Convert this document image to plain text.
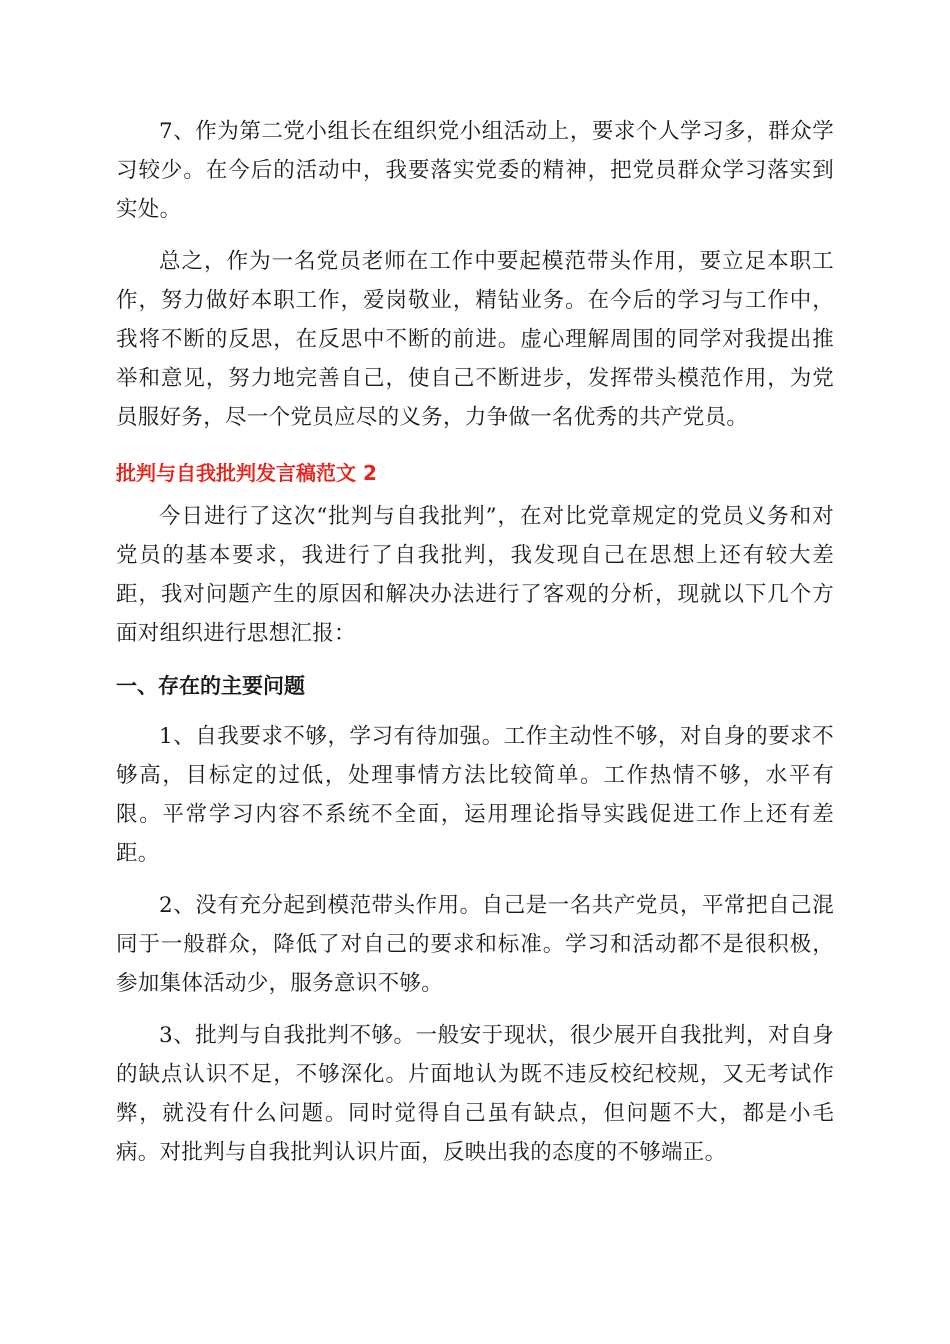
7、作为第二党小组长在组织党小组活动上，要求个人学习多，群众学习较少。在今后的活动中，我要落实党委的精神，把党员群众学习落实到实处。

总之，作为一名党员老师在工作中要起模范带头作用，要立足本职工作，努力做好本职工作，爱岗敬业，精钻业务。在今后的学习与工作中，我将不断的反思，在反思中不断的前进。虚心理解周围的同学对我提出推举和意见，努力地完善自己，使自己不断进步，发挥带头模范作用，为党员服好务，尽一个党员应尽的义务，力争做一名优秀的共产党员。

批判与自我批判发言稿范文 2

今日进行了这次“批判与自我批判”，在对比党章规定的党员义务和对党员的基本要求，我进行了自我批判，我发现自己在思想上还有较大差距，我对问题产生的原因和解决办法进行了客观的分析，现就以下几个方面对组织进行思想汇报：

一、存在的主要问题

1、自我要求不够，学习有待加强。工作主动性不够，对自身的要求不够高，目标定的过低，处理事情方法比较简单。工作热情不够，水平有限。平常学习内容不系统不全面，运用理论指导实践促进工作上还有差距。

2、没有充分起到模范带头作用。自己是一名共产党员，平常把自己混同于一般群众，降低了对自己的要求和标准。学习和活动都不是很积极，参加集体活动少，服务意识不够。

3、批判与自我批判不够。一般安于现状，很少展开自我批判，对自身的缺点认识不足，不够深化。片面地认为既不违反校纪校规，又无考试作弊，就没有什么问题。同时觉得自己虽有缺点，但问题不大，都是小毛病。对批判与自我批判认识片面，反映出我的态度的不够端正。
